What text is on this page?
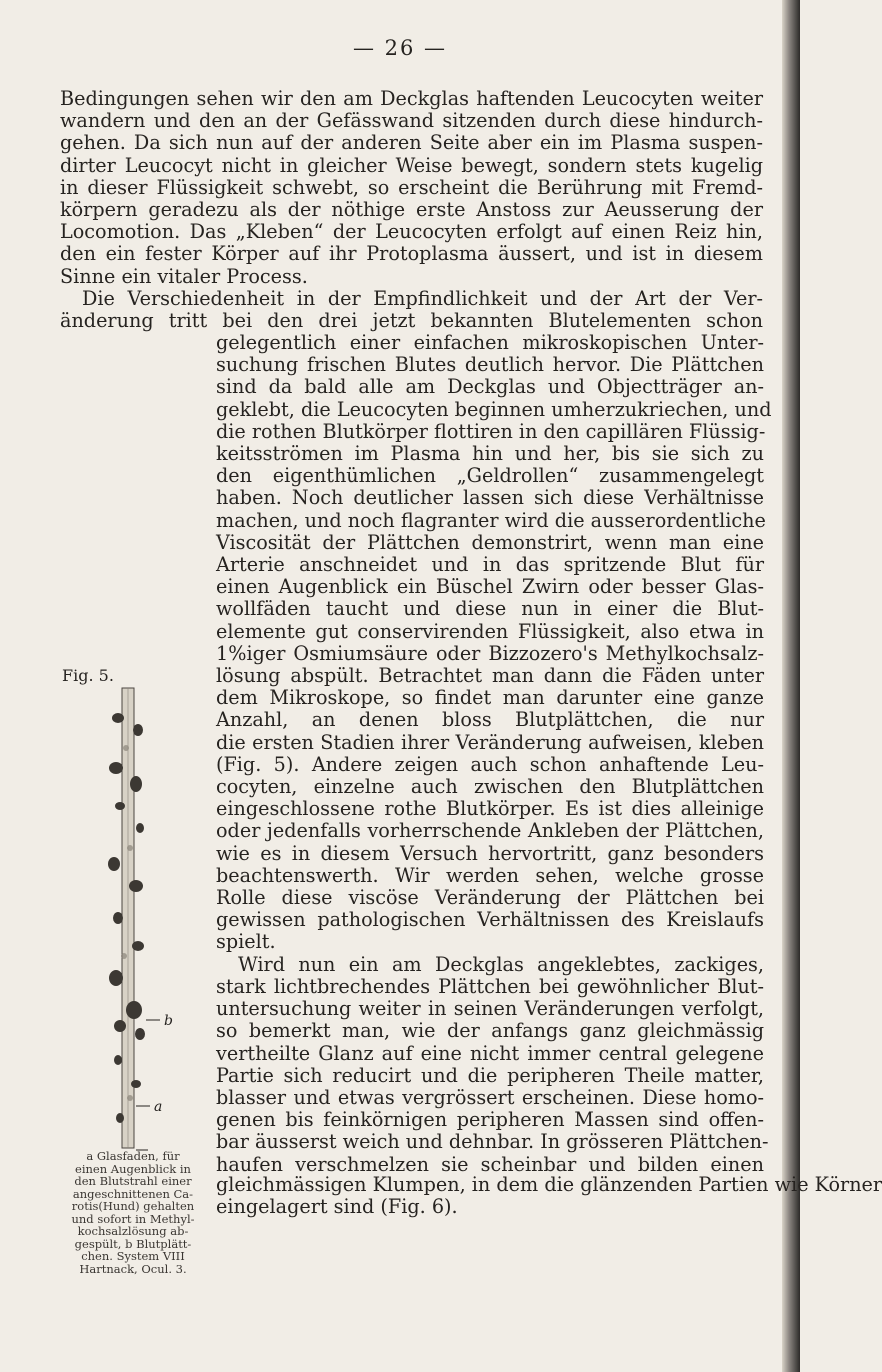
— 26 —
Bedingungen sehen wir den am Deckglas haftenden Leucocyten weiter
wandern und den an der Gefässwand sitzenden durch diese hindurch-
gehen. Da sich nun auf der anderen Seite aber ein im Plasma suspen-
dirter Leucocyt nicht in gleicher Weise bewegt, sondern stets kugelig
in dieser Flüssigkeit schwebt, so erscheint die Berührung mit Fremd-
körpern geradezu als der nöthige erste Anstoss zur Aeusserung der
Locomotion. Das „Kleben“ der Leucocyten erfolgt auf einen Reiz hin,
den ein fester Körper auf ihr Protoplasma äussert, und ist in diesem
Sinne ein vitaler Process.
Die Verschiedenheit in der Empfindlichkeit und der Art der Ver-
änderung tritt bei den drei jetzt bekannten Blutelementen schon
gelegentlich einer einfachen mikroskopischen Unter-
suchung frischen Blutes deutlich hervor. Die Plättchen
sind da bald alle am Deckglas und Objectträger an-
geklebt, die Leucocyten beginnen umherzukriechen, und
die rothen Blutkörper flottiren in den capillären Flüssig-
keitsströmen im Plasma hin und her, bis sie sich zu
den eigenthümlichen „Geldrollen“ zusammengelegt
haben. Noch deutlicher lassen sich diese Verhältnisse
machen, und noch flagranter wird die ausserordentliche
Viscosität der Plättchen demonstrirt, wenn man eine
Arterie anschneidet und in das spritzende Blut für
einen Augenblick ein Büschel Zwirn oder besser Glas-
wollfäden taucht und diese nun in einer die Blut-
elemente gut conservirenden Flüssigkeit, also etwa in
1%iger Osmiumsäure oder Bizzozero's Methylkochsalz-
lösung abspült. Betrachtet man dann die Fäden unter
dem Mikroskope, so findet man darunter eine ganze
Anzahl, an denen bloss Blutplättchen, die nur
die ersten Stadien ihrer Veränderung aufweisen, kleben
(Fig. 5). Andere zeigen auch schon anhaftende Leu-
cocyten, einzelne auch zwischen den Blutplättchen
eingeschlossene rothe Blutkörper. Es ist dies alleinige
oder jedenfalls vorherrschende Ankleben der Plättchen,
wie es in diesem Versuch hervortritt, ganz besonders
beachtenswerth. Wir werden sehen, welche grosse
Rolle diese viscöse Veränderung der Plättchen bei
gewissen pathologischen Verhältnissen des Kreislaufs
spielt.
Wird nun ein am Deckglas angeklebtes, zackiges,
stark lichtbrechendes Plättchen bei gewöhnlicher Blut-
untersuchung weiter in seinen Veränderungen verfolgt,
so bemerkt man, wie der anfangs ganz gleichmässig
vertheilte Glanz auf eine nicht immer central gelegene
Partie sich reducirt und die peripheren Theile matter,
blasser und etwas vergrössert erscheinen. Diese homo-
genen bis feinkörnigen peripheren Massen sind offen-
bar äusserst weich und dehnbar. In grösseren Plättchen-
haufen verschmelzen sie scheinbar und bilden einen
Fig. 5.
b
a
a Glasfaden, für
einen Augenblick in
den Blutstrahl einer
angeschnittenen Ca-
rotis(Hund) gehalten
und sofort in Methyl-
kochsalzlösung ab-
gespült, b Blutplätt-
chen. System VIII
Hartnack, Ocul. 3.
gleichmässigen Klumpen, in dem die glänzenden Partien wie Körner
eingelagert sind (Fig. 6).
